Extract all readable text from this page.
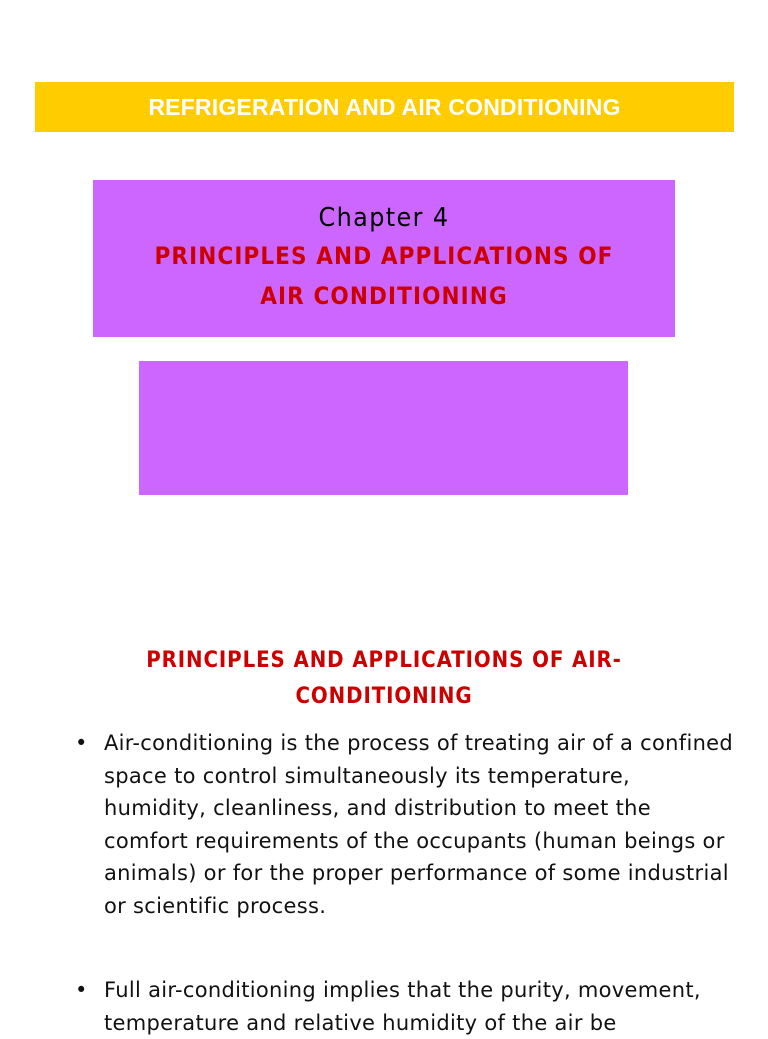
REFRIGERATION AND AIR CONDITIONING
Chapter 4
PRINCIPLES AND APPLICATIONS OF AIR CONDITIONING
PRINCIPLES AND APPLICATIONS OF AIR-CONDITIONING
• Air-conditioning is the process of treating air of a confined space to control simultaneously its temperature, humidity, cleanliness, and distribution to meet the comfort requirements of the occupants (human beings or animals) or for the proper performance of some industrial or scientific process.
• Full air-conditioning implies that the purity, movement, temperature and relative humidity of the air be
